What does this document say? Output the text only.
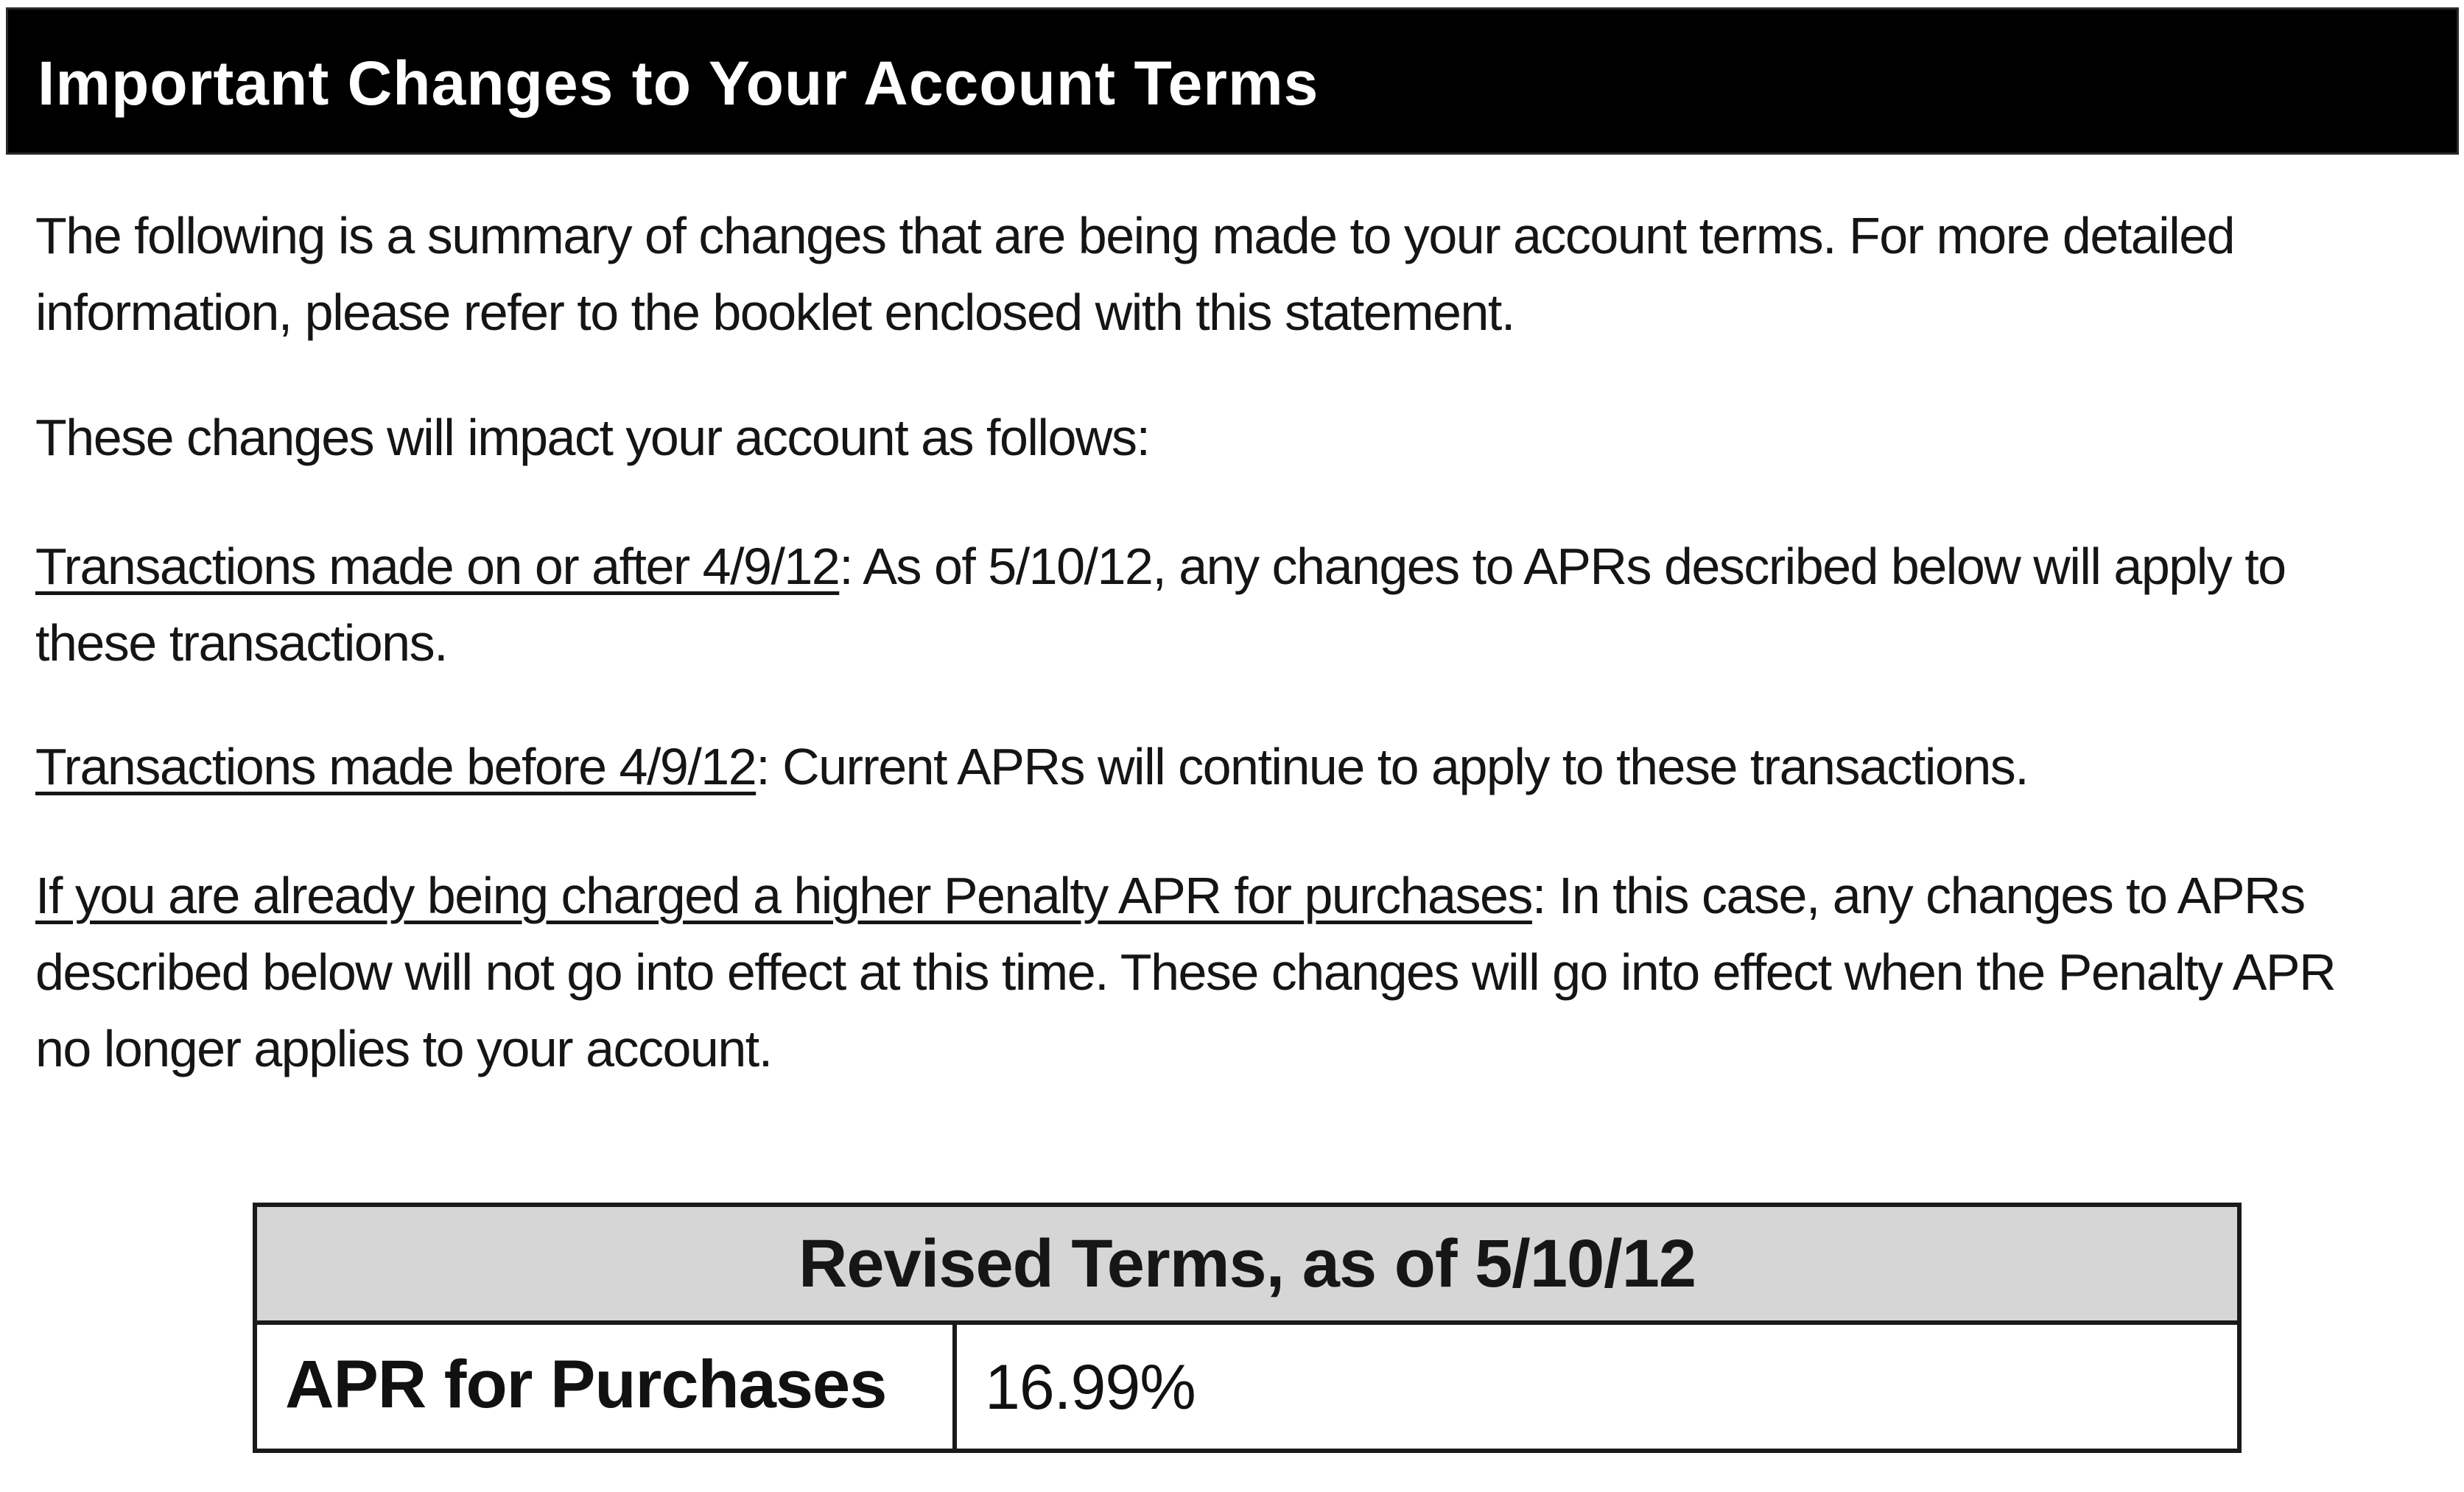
Important Changes to Your Account Terms

The following is a summary of changes that are being made to your account terms. For more detailed information, please refer to the booklet enclosed with this statement.

These changes will impact your account as follows:

Transactions made on or after 4/9/12: As of 5/10/12, any changes to APRs described below will apply to these transactions.

Transactions made before 4/9/12: Current APRs will continue to apply to these transactions.

If you are already being charged a higher Penalty APR for purchases: In this case, any changes to APRs described below will not go into effect at this time. These changes will go into effect when the Penalty APR no longer applies to your account.

Revised Terms, as of 5/10/12
APR for Purchases 16.99%
